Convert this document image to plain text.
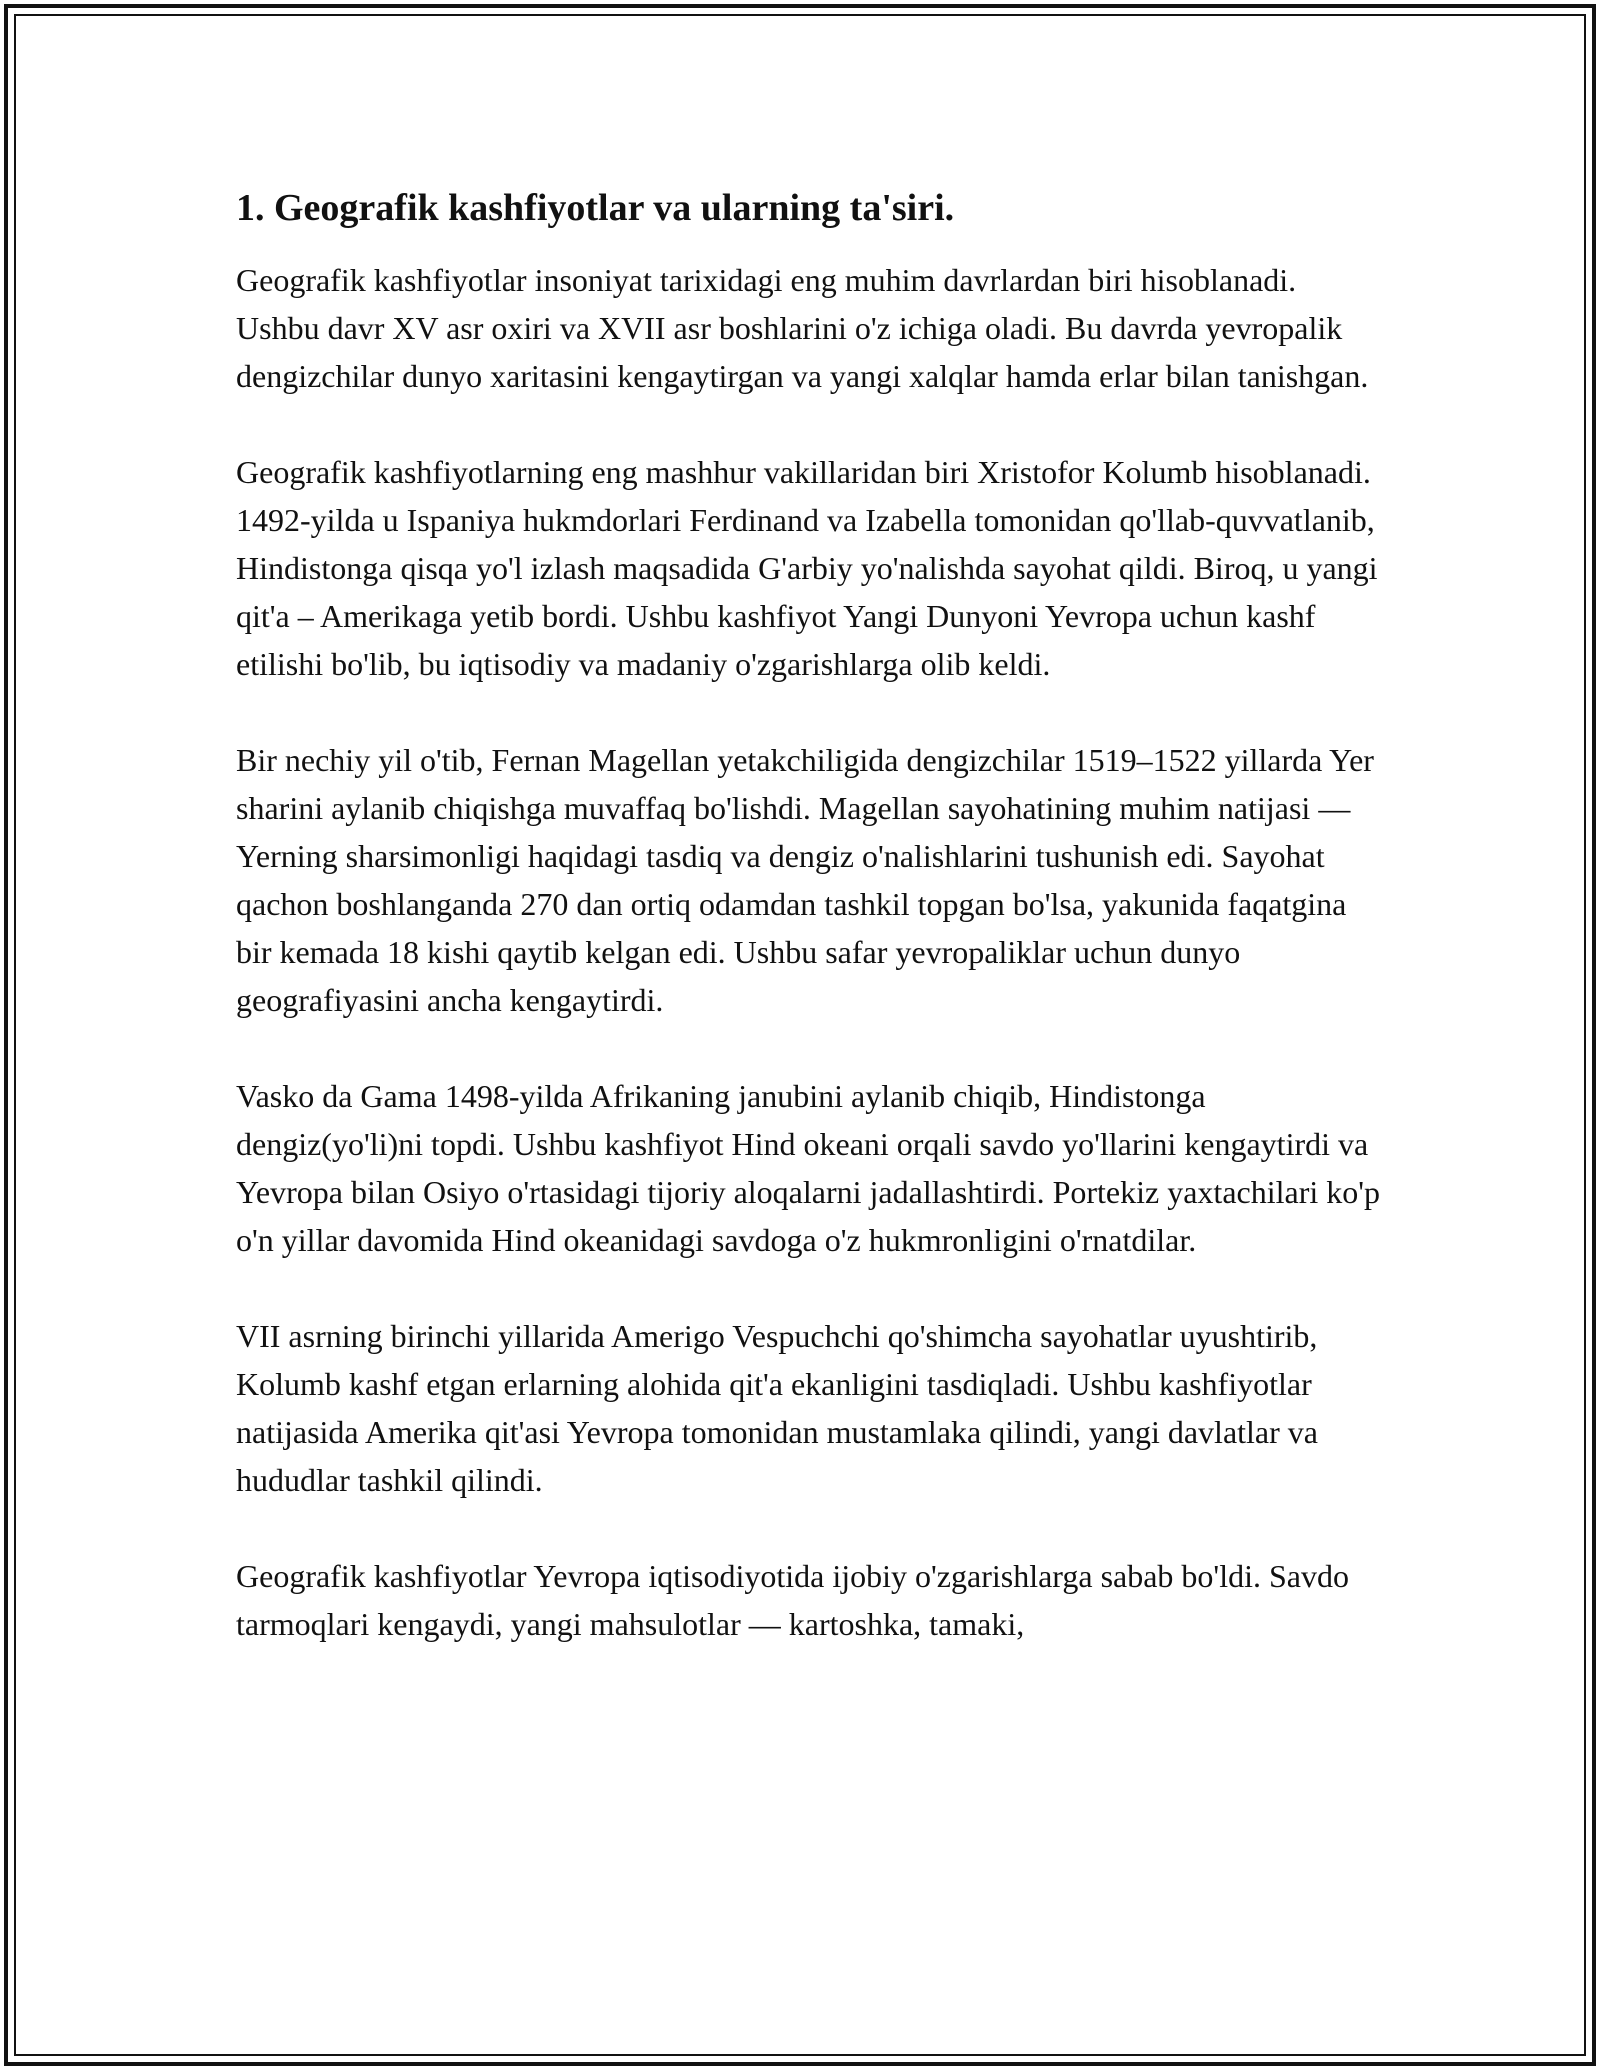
1. Geografik kashfiyotlar va ularning ta'siri.

Geografik kashfiyotlar insoniyat tarixidagi eng muhim davrlardan biri hisoblanadi. Ushbu davr XV asr oxiri va XVII asr boshlarini o'z ichiga oladi. Bu davrda yevropalik dengizchilar dunyo xaritasini kengaytirgan va yangi xalqlar hamda erlar bilan tanishgan.

Geografik kashfiyotlarning eng mashhur vakillaridan biri Xristofor Kolumb hisoblanadi. 1492-yilda u Ispaniya hukmdorlari Ferdinand va Izabella tomonidan qo'llab-quvvatlanib, Hindistonga qisqa yo'l izlash maqsadida G'arbiy yo'nalishda sayohat qildi. Biroq, u yangi qit'a – Amerikaga yetib bordi. Ushbu kashfiyot Yangi Dunyoni Yevropa uchun kashf etilishi bo'lib, bu iqtisodiy va madaniy o'zgarishlarga olib keldi.

Bir nechiy yil o'tib, Fernan Magellan yetakchiligida dengizchilar 1519–1522 yillarda Yer sharini aylanib chiqishga muvaffaq bo'lishdi. Magellan sayohatining muhim natijasi — Yerning sharsimonligi haqidagi tasdiq va dengiz o'nalishlarini tushunish edi. Sayohat qachon boshlanganda 270 dan ortiq odamdan tashkil topgan bo'lsa, yakunida faqatgina bir kemada 18 kishi qaytib kelgan edi. Ushbu safar yevropaliklar uchun dunyo geografiyasini ancha kengaytirdi.

Vasko da Gama 1498-yilda Afrikaning janubini aylanib chiqib, Hindistonga dengiz(yo'li)ni topdi. Ushbu kashfiyot Hind okeani orqali savdo yo'llarini kengaytirdi va Yevropa bilan Osiyo o'rtasidagi tijoriy aloqalarni jadallashtirdi. Portekiz yaxtachilari ko'p o'n yillar davomida Hind okeanidagi savdoga o'z hukmronligini o'rnatdilar.

VII asrning birinchi yillarida Amerigo Vespuchchi qo'shimcha sayohatlar uyushtirib, Kolumb kashf etgan erlarning alohida qit'a ekanligini tasdiqladi. Ushbu kashfiyotlar natijasida Amerika qit'asi Yevropa tomonidan mustamlaka qilindi, yangi davlatlar va hududlar tashkil qilindi.

Geografik kashfiyotlar Yevropa iqtisodiyotida ijobiy o'zgarishlarga sabab bo'ldi. Savdo tarmoqlari kengaydi, yangi mahsulotlar — kartoshka, tamaki,
